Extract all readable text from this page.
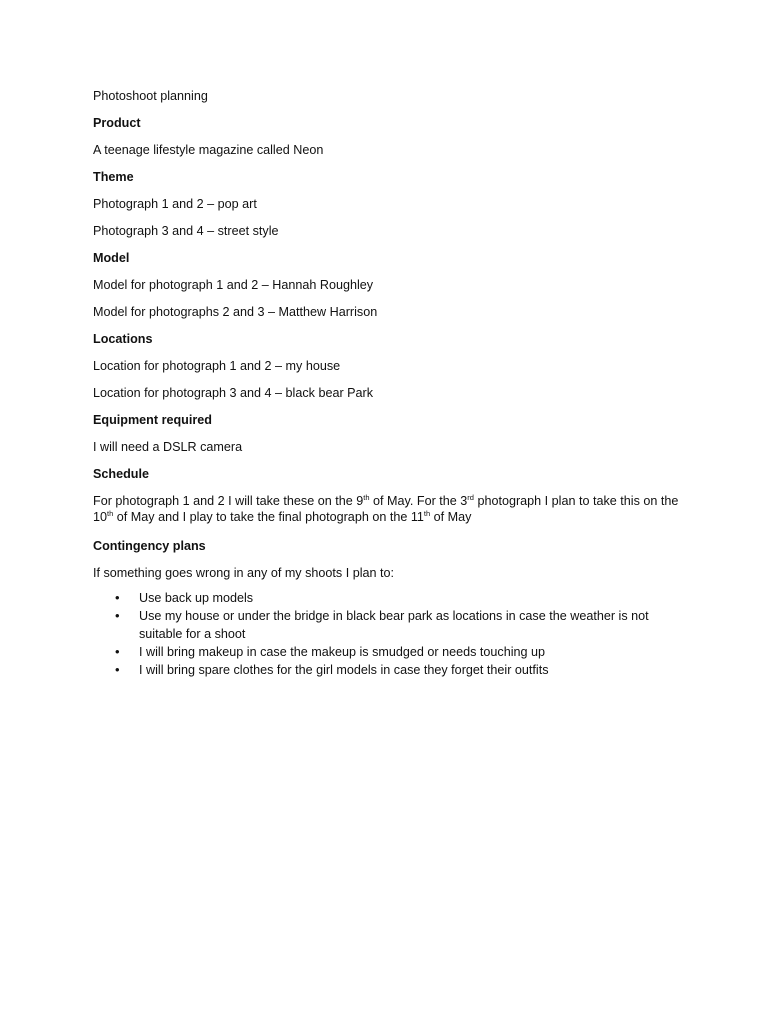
Photoshoot planning
Product
A teenage lifestyle magazine called Neon
Theme
Photograph 1 and 2 – pop art
Photograph 3 and 4 – street style
Model
Model for photograph 1 and 2 – Hannah Roughley
Model for photographs 2 and 3 – Matthew Harrison
Locations
Location for photograph 1 and 2 – my house
Location for photograph 3 and 4 – black bear Park
Equipment required
I will need a DSLR camera
Schedule
For photograph 1 and 2 I will take these on the 9th of May. For the 3rd photograph I plan to take this on the 10th of May and I play to take the final photograph on the 11th of May
Contingency plans
If something goes wrong in any of my shoots I plan to:
• Use back up models
• Use my house or under the bridge in black bear park as locations in case the weather is not suitable for a shoot
• I will bring makeup in case the makeup is smudged or needs touching up
• I will bring spare clothes for the girl models in case they forget their outfits
